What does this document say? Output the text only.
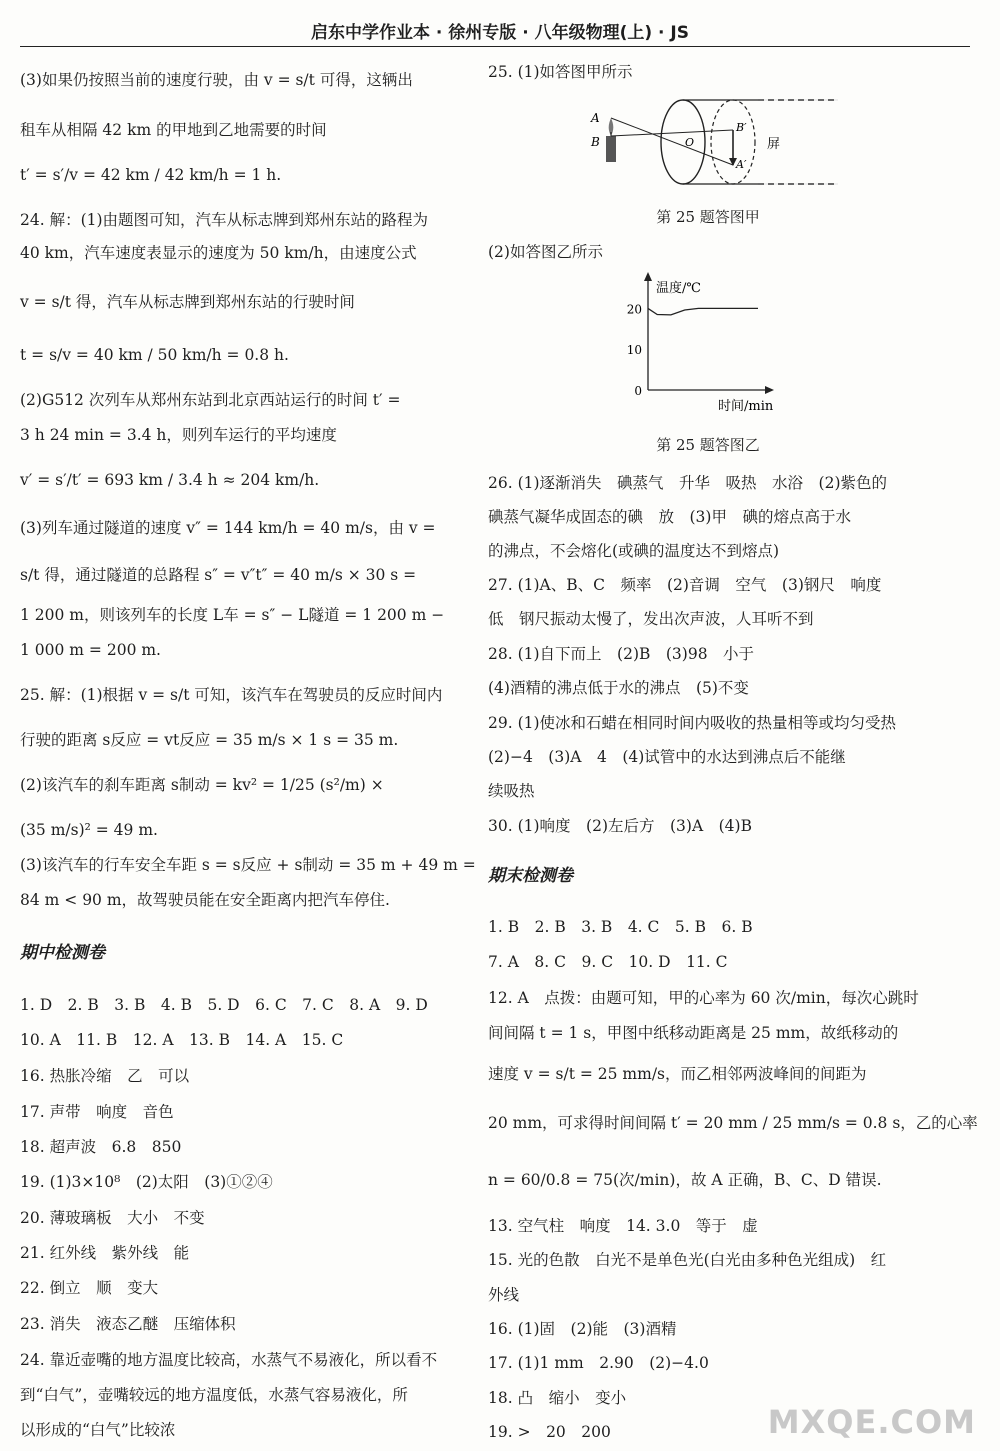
启东中学作业本 · 徐州专版 · 八年级物理(上) · JS
(3)如果仍按照当前的速度行驶，由 v = s/t 可得，这辆出
租车从相隔 42 km 的甲地到乙地需要的时间
t′ = s′/v = 42 km / 42 km/h = 1 h.
24. 解：(1)由题图可知，汽车从标志牌到郑州东站的路程为
40 km，汽车速度表显示的速度为 50 km/h，由速度公式
v = s/t 得，汽车从标志牌到郑州东站的行驶时间
t = s/v = 40 km / 50 km/h = 0.8 h.
(2)G512 次列车从郑州东站到北京西站运行的时间 t′ =
3 h 24 min = 3.4 h，则列车运行的平均速度
v′ = s′/t′ = 693 km / 3.4 h ≈ 204 km/h.
(3)列车通过隧道的速度 v″ = 144 km/h = 40 m/s，由 v =
s/t 得，通过隧道的总路程 s″ = v″t″ = 40 m/s × 30 s =
1 200 m，则该列车的长度 L车 = s″ − L隧道 = 1 200 m −
1 000 m = 200 m.
25. 解：(1)根据 v = s/t 可知，该汽车在驾驶员的反应时间内
行驶的距离 s反应 = vt反应 = 35 m/s × 1 s = 35 m.
(2)该汽车的刹车距离 s制动 = kv² = 1/25 (s²/m) ×
(35 m/s)² = 49 m.
(3)该汽车的行车安全车距 s = s反应 + s制动 = 35 m + 49 m =
84 m < 90 m，故驾驶员能在安全距离内把汽车停住.
期中检测卷
1. D　2. B　3. B　4. B　5. D　6. C　7. C　8. A　9. D
10. A　11. B　12. A　13. B　14. A　15. C
16. 热胀冷缩　乙　可以
17. 声带　响度　音色
18. 超声波　6.8　850
19. (1)3×10⁸　(2)太阳　(3)①②④
20. 薄玻璃板　大小　不变
21. 红外线　紫外线　能
22. 倒立　顺　变大
23. 消失　液态乙醚　压缩体积
24. 靠近壶嘴的地方温度比较高，水蒸气不易液化，所以看不
到“白气”，壶嘴较远的地方温度低，水蒸气容易液化，所
以形成的“白气”比较浓
25. (1)如答图甲所示
A
B	O
B′
A′
屏
第 25 题答图甲
(2)如答图乙所示
温度/℃
时间/min
0
10
20
第 25 题答图乙
26. (1)逐渐消失　碘蒸气　升华　吸热　水浴　(2)紫色的
碘蒸气凝华成固态的碘　放　(3)甲　碘的熔点高于水
的沸点，不会熔化(或碘的温度达不到熔点)
27. (1)A、B、C　频率　(2)音调　空气　(3)钢尺　响度
低　钢尺振动太慢了，发出次声波，人耳听不到
28. (1)自下而上　(2)B　(3)98　小于
(4)酒精的沸点低于水的沸点　(5)不变
29. (1)使冰和石蜡在相同时间内吸收的热量相等或均匀受热
(2)−4　(3)A　4　(4)试管中的水达到沸点后不能继
续吸热
30. (1)响度　(2)左后方　(3)A　(4)B
期末检测卷
1. B　2. B　3. B　4. C　5. B　6. B
7. A　8. C　9. C　10. D　11. C
12. A　点拨：由题可知，甲的心率为 60 次/min，每次心跳时
间间隔 t = 1 s，甲图中纸移动距离是 25 mm，故纸移动的
速度 v = s/t = 25 mm/s，而乙相邻两波峰间的间距为
20 mm，可求得时间间隔 t′ = 20 mm / 25 mm/s = 0.8 s，乙的心率
n = 60/0.8 = 75(次/min)，故 A 正确，B、C、D 错误.
13. 空气柱　响度　14. 3.0　等于　虚
15. 光的色散　白光不是单色光(白光由多种色光组成)　红
外线
16. (1)固　(2)能　(3)酒精
17. (1)1 mm　2.90　(2)−4.0
18. 凸　缩小　变小
19. >　20　200	MXQE.COM
